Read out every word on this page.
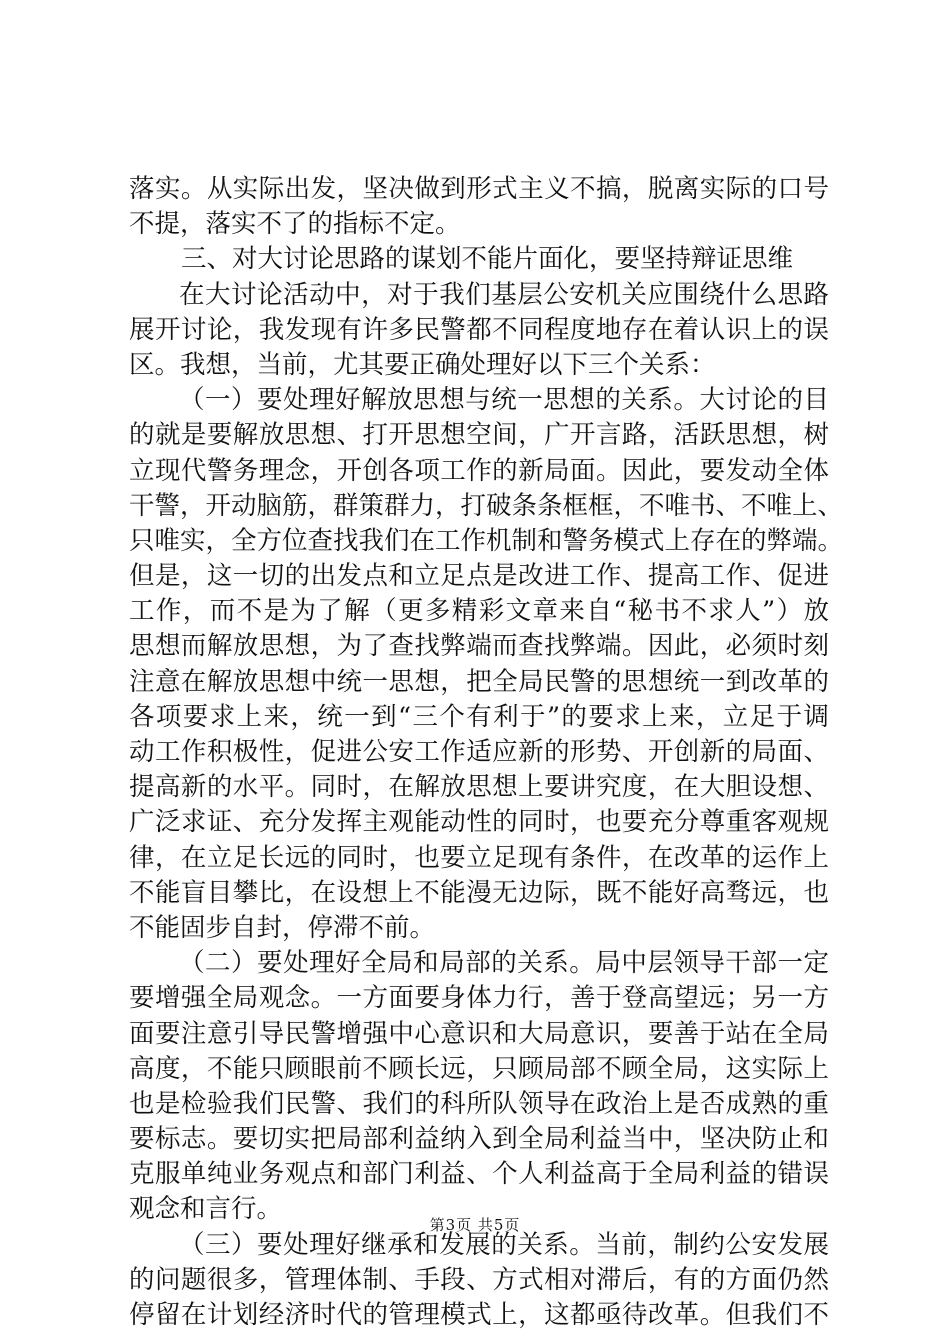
落实。从实际出发，坚决做到形式主义不搞，脱离实际的口号
不提，落实不了的指标不定。
三、对大讨论思路的谋划不能片面化，要坚持辩证思维
在大讨论活动中，对于我们基层公安机关应围绕什么思路
展开讨论，我发现有许多民警都不同程度地存在着认识上的误
区。我想，当前，尤其要正确处理好以下三个关系：
（一）要处理好解放思想与统一思想的关系。大讨论的目
的就是要解放思想、打开思想空间，广开言路，活跃思想，树
立现代警务理念，开创各项工作的新局面。因此，要发动全体
干警，开动脑筋，群策群力，打破条条框框，不唯书、不唯上、
只唯实，全方位查找我们在工作机制和警务模式上存在的弊端。
但是，这一切的出发点和立足点是改进工作、提高工作、促进
工作，而不是为了解（更多精彩文章来自“秘书不求人”）放
思想而解放思想，为了查找弊端而查找弊端。因此，必须时刻
注意在解放思想中统一思想，把全局民警的思想统一到改革的
各项要求上来，统一到“三个有利于”的要求上来，立足于调
动工作积极性，促进公安工作适应新的形势、开创新的局面、
提高新的水平。同时，在解放思想上要讲究度，在大胆设想、
广泛求证、充分发挥主观能动性的同时，也要充分尊重客观规
律，在立足长远的同时，也要立足现有条件，在改革的运作上
不能盲目攀比，在设想上不能漫无边际，既不能好高骛远，也
不能固步自封，停滞不前。
（二）要处理好全局和局部的关系。局中层领导干部一定
要增强全局观念。一方面要身体力行，善于登高望远；另一方
面要注意引导民警增强中心意识和大局意识，要善于站在全局
高度，不能只顾眼前不顾长远，只顾局部不顾全局，这实际上
也是检验我们民警、我们的科所队领导在政治上是否成熟的重
要标志。要切实把局部利益纳入到全局利益当中，坚决防止和
克服单纯业务观点和部门利益、个人利益高于全局利益的错误
观念和言行。
（三）要处理好继承和发展的关系。当前，制约公安发展
的问题很多，管理体制、手段、方式相对滞后，有的方面仍然
停留在计划经济时代的管理模式上，这都亟待改革。但我们不
第3页 共5页
